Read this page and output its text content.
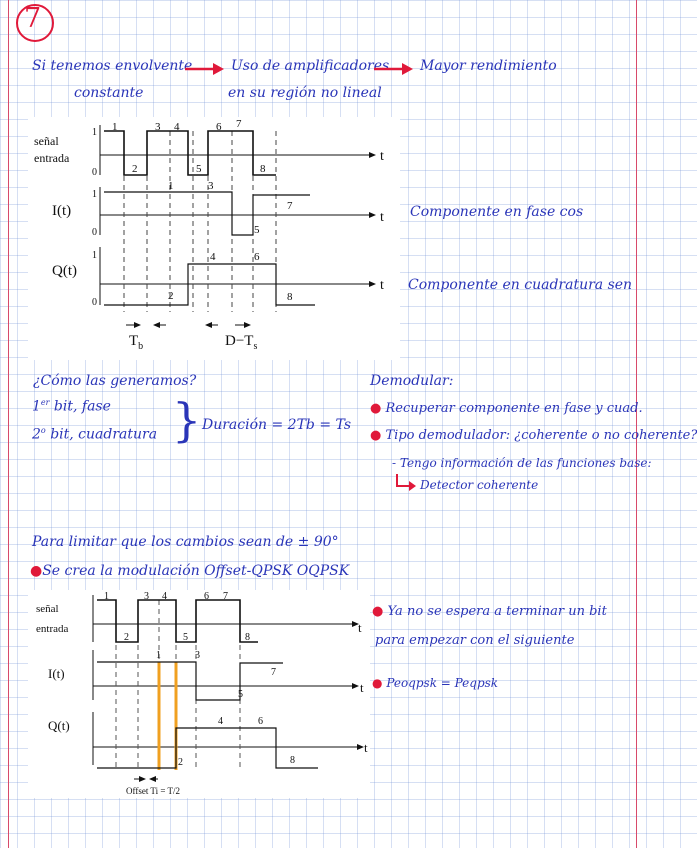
7
Si tenemos envolvente
constante
Uso de amplificadores
en su región no lineal
Mayor rendimiento
señal
entrada
I(t)
Q(t)
1
0
1
0
1
0
t
t
t
1
2
3 4
5
6 7
8
1	3
5
7
2
4	6
8
$T_b$	$D-T_s$
Componente en fase cos
Componente en cuadratura sen
¿Cómo las generamos?
1er bit, fase
2$^o$ bit, cuadratura } Duración = 2Tb = Ts
Demodular:
● Recuperar componente en fase y cuad.
● Tipo demodulador: ¿coherente o no coherente?
- Tengo información de las funciones base:
Detector coherente
Para limitar que los cambios sean de ± 90°
●Se crea la modulación Offset-QPSK OQPSK
señal
entrada
I(t)
Q(t)
t
t
t
1
2
3 4
5
6 7
8
1	3
5
7
2
4	6
8
Offset Ti = T/2
● Ya no se espera a terminar un bit
para empezar con el siguiente
● Peoqpsk = Peqpsk
